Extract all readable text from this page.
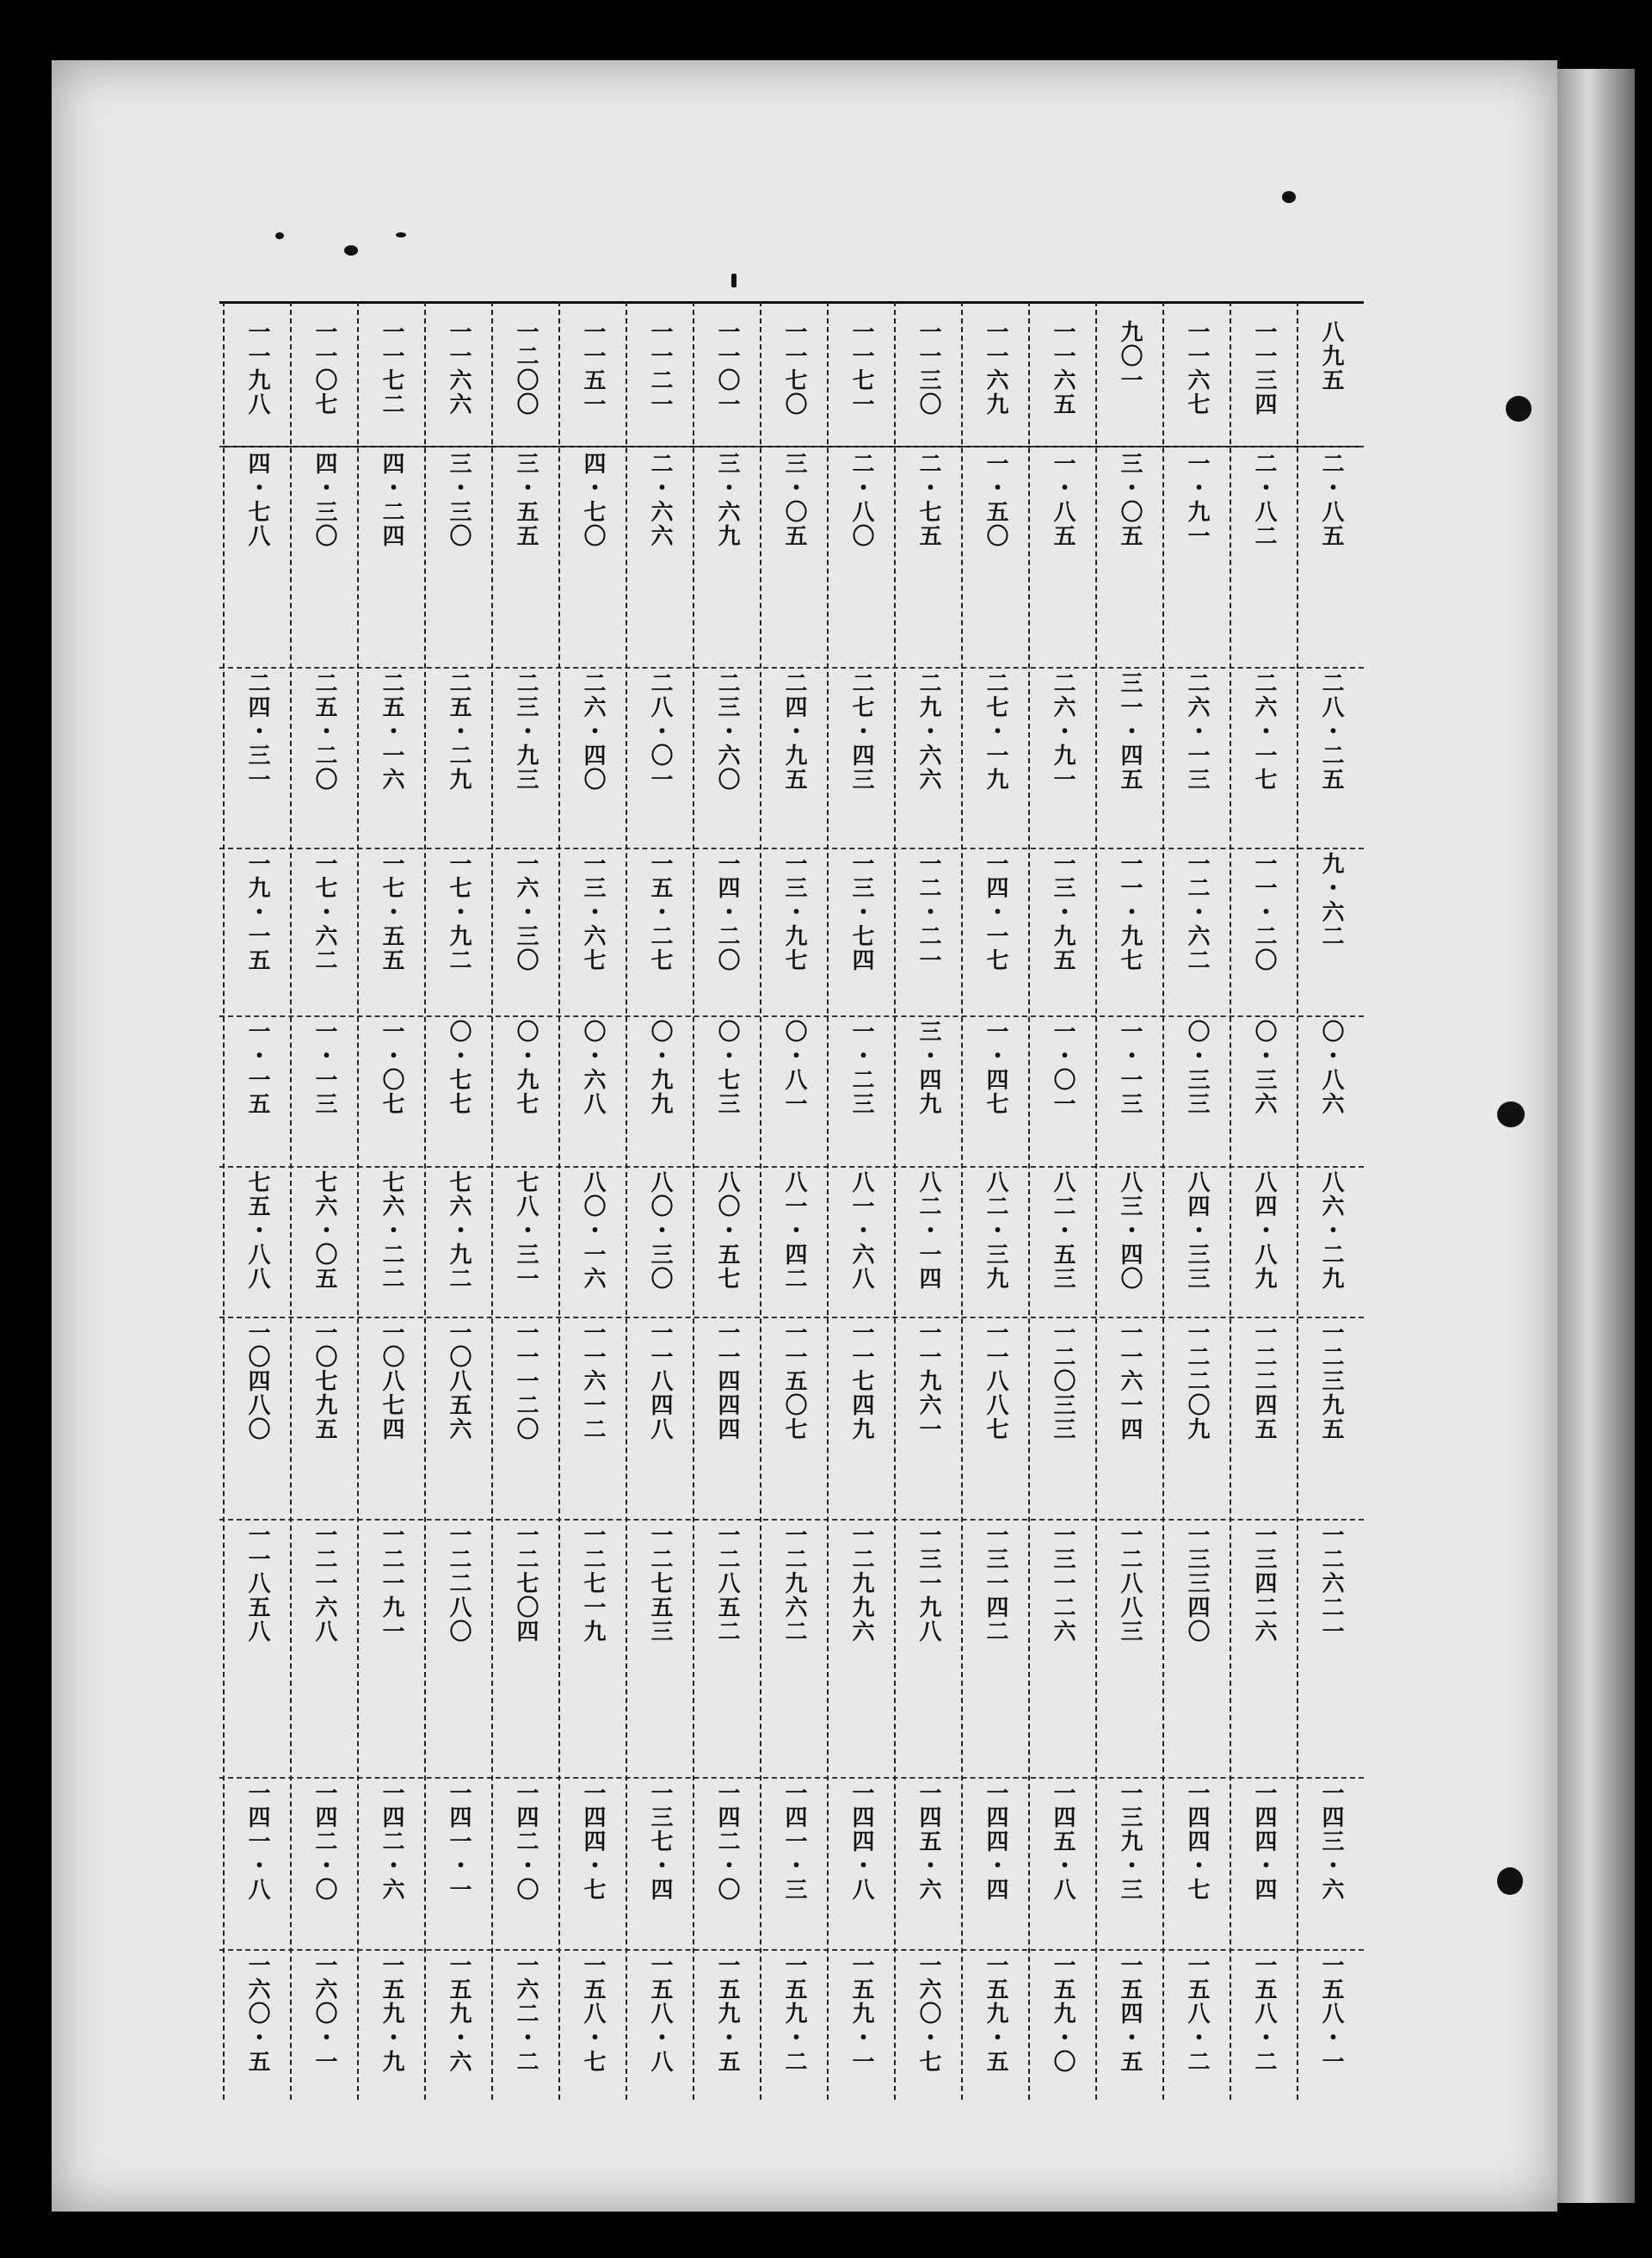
八九五
二・八五
二八・二五
九・六二
〇・八六
八六・二九
一二三九五
一二六二一
一四三・六
一五八・一
一一三四
二・八二
二六・一七
一一・二〇
〇・三六
八四・八九
一二二四五
一三四二六
一四四・四
一五八・二
一一六七
一・九一
二六・一三
一二・六二
〇・三三
八四・三三
一二二〇九
一三三四〇
一四四・七
一五八・二
九〇一
三・〇五
三一・四五
一一・九七
一・一三
八三・四〇
一一六一四
一二八八三
一三九・三
一五四・五
一一六五
一・八五
二六・九一
一三・九五
一・〇一
八二・五三
一二〇三三
一三一二六
一四五・八
一五九・〇
一一六九
一・五〇
二七・一九
一四・一七
一・四七
八二・三九
一一八八七
一三一四二
一四四・四
一五九・五
一一三〇
二・七五
二九・六六
一二・二一
三・四九
八二・一四
一一九六一
一三一九八
一四五・六
一六〇・七
一一七一
二・八〇
二七・四三
一三・七四
一・二三
八一・六八
一一七四九
一二九九六
一四四・八
一五九・一
一一七〇
三・〇五
二四・九五
一三・九七
〇・八一
八一・四二
一一五〇七
一二九六二
一四一・三
一五九・二
一一〇一
三・六九
二三・六〇
一四・二〇
〇・七三
八〇・五七
一一四四四
一二八五二
一四二・〇
一五九・五
一一二一
二・六六
二八・〇一
一五・二七
〇・九九
八〇・三〇
一一八四八
一二七五三
一三七・四
一五八・八
一一五一
四・七〇
二六・四〇
一三・六七
〇・六八
八〇・一六
一一六一二
一二七一九
一四四・七
一五八・七
一二〇〇
三・五五
二三・九三
一六・三〇
〇・九七
七八・三一
一一一二〇
一二七〇四
一四二・〇
一六二・二
一一六六
三・三〇
二五・二九
一七・九二
〇・七七
七六・九二
一〇八五六
一二二八〇
一四一・一
一五九・六
一一七二
四・二四
二五・一六
一七・五五
一・〇七
七六・二二
一〇八七四
一二一九一
一四二・六
一五九・九
一一〇七
四・三〇
二五・二〇
一七・六二
一・一三
七六・〇五
一〇七九五
一二一六八
一四二・〇
一六〇・一
一一九八
四・七八
二四・三一
一九・一五
一・一五
七五・八八
一〇四八〇
一一八五八
一四一・八
一六〇・五
